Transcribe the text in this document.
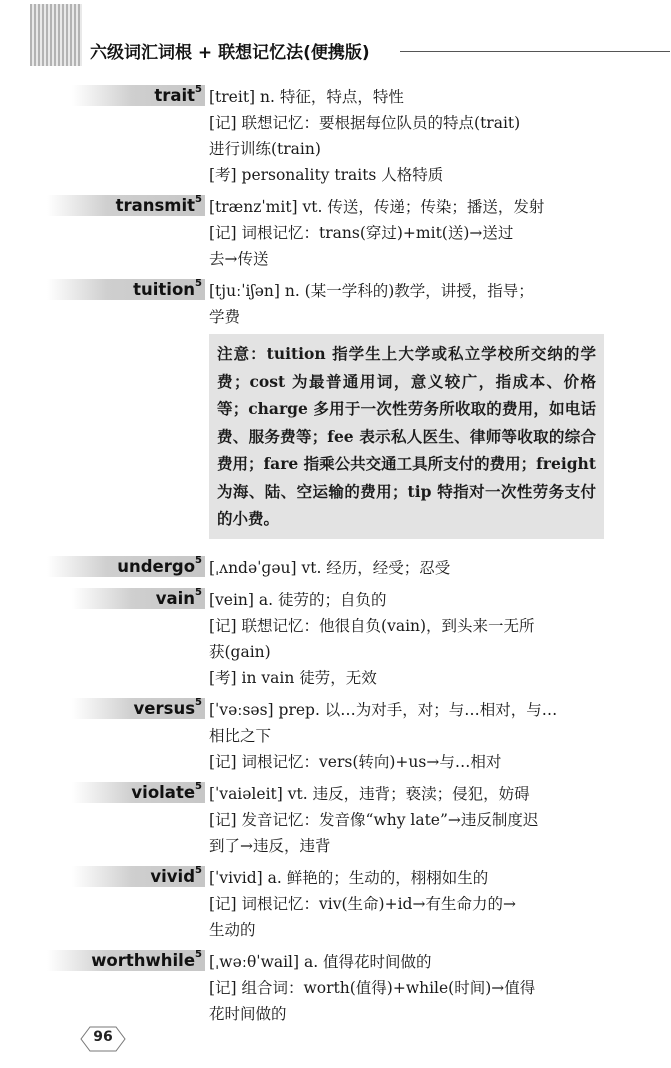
六级词汇词根 + 联想记忆法(便携版)
trait$^5$ [treit] n. 特征，特点，特性
[记] 联想记忆：要根据每位队员的特点(trait)
进行训练(train)
[考] personality traits 人格特质
transmit$^5$ [trænzˈmit] vt. 传送，传递；传染；播送，发射
[记] 词根记忆：trans(穿过)+mit(送)→送过
去→传送
tuition$^5$ [tjuːˈiʃən] n. (某一学科的)教学，讲授，指导；
学费
注意：tuition 指学生上大学或私立学校所交纳的学费；cost 为最普通用词，意义较广，指成本、价格等；charge 多用于一次性劳务所收取的费用，如电话费、服务费等；fee 表示私人医生、律师等收取的综合费用；fare 指乘公共交通工具所支付的费用；freight 为海、陆、空运输的费用；tip 特指对一次性劳务支付的小费。
undergo$^5$ [ˌʌndəˈɡəu] vt. 经历，经受；忍受
vain$^5$ [vein] a. 徒劳的；自负的
[记] 联想记忆：他很自负(vain)，到头来一无所
获(gain)
[考] in vain 徒劳，无效
versus$^5$ [ˈvəːsəs] prep. 以…为对手，对；与…相对，与…
相比之下
[记] 词根记忆：vers(转向)+us→与…相对
violate$^5$ [ˈvaiəleit] vt. 违反，违背；亵渎；侵犯，妨碍
[记] 发音记忆：发音像“why late”→违反制度迟
到了→违反，违背
vivid$^5$ [ˈvivid] a. 鲜艳的；生动的，栩栩如生的
[记] 词根记忆：viv(生命)+id→有生命力的→
生动的
worthwhile$^5$ [ˌwəːθˈwail] a. 值得花时间做的
[记] 组合词：worth(值得)+while(时间)→值得
花时间做的
96
